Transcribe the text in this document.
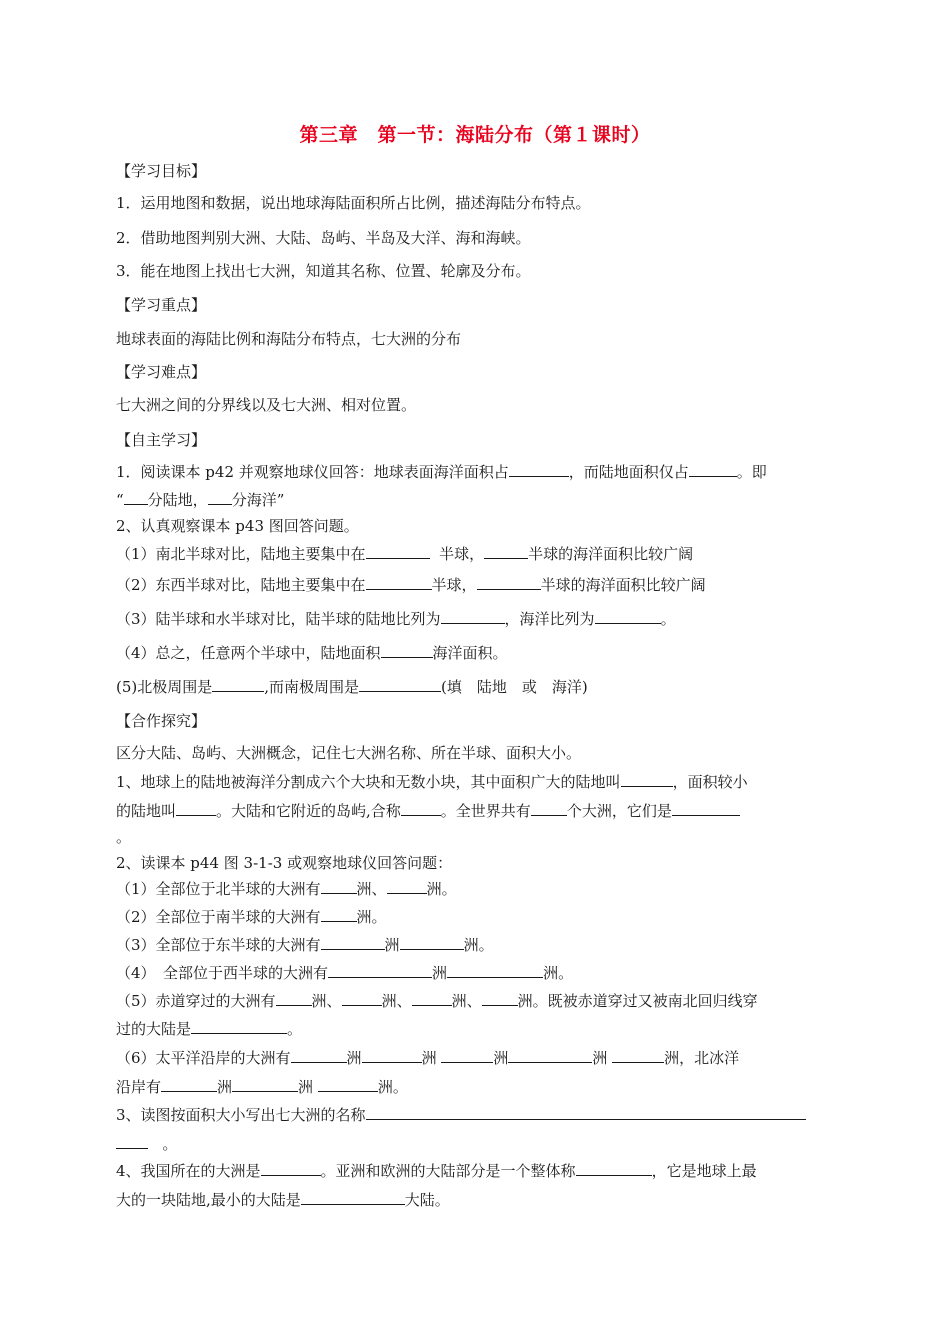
第三章　第一节：海陆分布（第１课时）
【学习目标】
1．运用地图和数据，说出地球海陆面积所占比例，描述海陆分布特点。
2．借助地图判别大洲、大陆、岛屿、半岛及大洋、海和海峡。
3．能在地图上找出七大洲，知道其名称、位置、轮廓及分布。
【学习重点】
地球表面的海陆比例和海陆分布特点，七大洲的分布
【学习难点】
七大洲之间的分界线以及七大洲、相对位置。
【自主学习】
1．阅读课本 p42 并观察地球仪回答：地球表面海洋面积占	，而陆地面积仅占	。即
“ 分陆地， 分海洋”
2、认真观察课本 p43 图回答问题。
（1）南北半球对比，陆地主要集中在	半球，	半球的海洋面积比较广阔
（2）东西半球对比，陆地主要集中在	半球，	半球的海洋面积比较广阔
（3）陆半球和水半球对比，陆半球的陆地比列为	，海洋比列为	。
（4）总之，任意两个半球中，陆地面积	海洋面积。
(5)北极周围是	,而南极周围是	(填　陆地　或　海洋)
【合作探究】
区分大陆、岛屿、大洲概念，记住七大洲名称、所在半球、面积大小。
1、地球上的陆地被海洋分割成六个大块和无数小块，其中面积广大的陆地叫	，面积较小
的陆地叫	。大陆和它附近的岛屿,合称	。全世界共有 个大洲，它们是
。
2、读课本 p44 图 3-1-3 或观察地球仪回答问题：
（1）全部位于北半球的大洲有 洲、	洲。
（2）全部位于南半球的大洲有 洲。
（3）全部位于东半球的大洲有	洲	洲。
（4）　全部位于西半球的大洲有	洲	洲。
（5）赤道穿过的大洲有 洲、	洲、	洲、 洲。既被赤道穿过又被南北回归线穿
过的大陆是	。
（6）太平洋沿岸的大洲有	洲	洲	洲	洲	洲，北冰洋
沿岸有	洲	洲	洲。
3、读图按面积大小写出七大洲的名称
。
4、我国所在的大洲是	。亚洲和欧洲的大陆部分是一个整体称	，它是地球上最
大的一块陆地,最小的大陆是	大陆。
